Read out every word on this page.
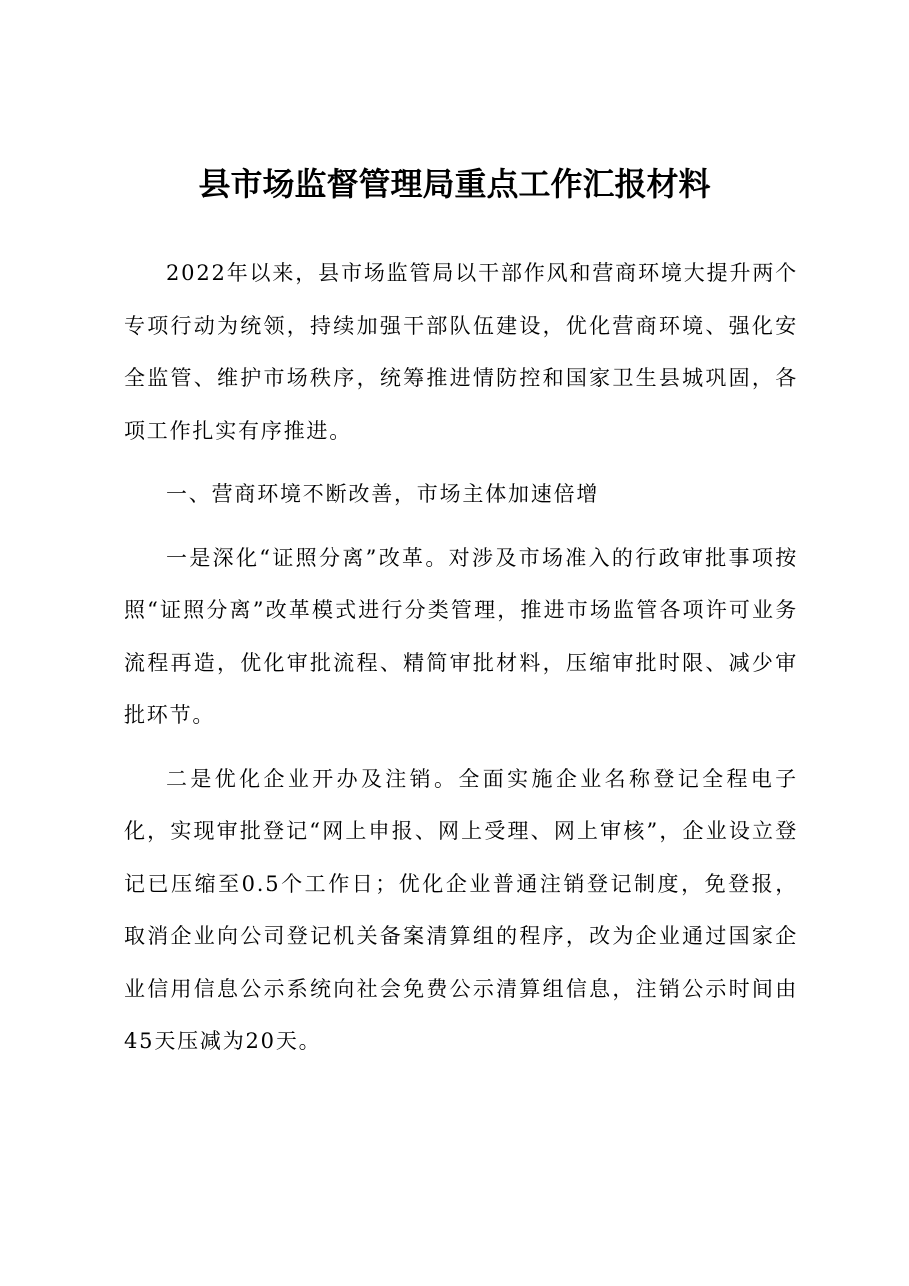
县市场监督管理局重点工作汇报材料

2022年以来，县市场监管局以干部作风和营商环境大提升两个专项行动为统领，持续加强干部队伍建设，优化营商环境、强化安全监管、维护市场秩序，统筹推进情防控和国家卫生县城巩固，各项工作扎实有序推进。

一、营商环境不断改善，市场主体加速倍增

一是深化“证照分离”改革。对涉及市场准入的行政审批事项按照“证照分离”改革模式进行分类管理，推进市场监管各项许可业务流程再造，优化审批流程、精简审批材料，压缩审批时限、减少审批环节。

二是优化企业开办及注销。全面实施企业名称登记全程电子化，实现审批登记“网上申报、网上受理、网上审核”，企业设立登记已压缩至0.5个工作日；优化企业普通注销登记制度，免登报，取消企业向公司登记机关备案清算组的程序，改为企业通过国家企业信用信息公示系统向社会免费公示清算组信息，注销公示时间由45天压减为20天。
